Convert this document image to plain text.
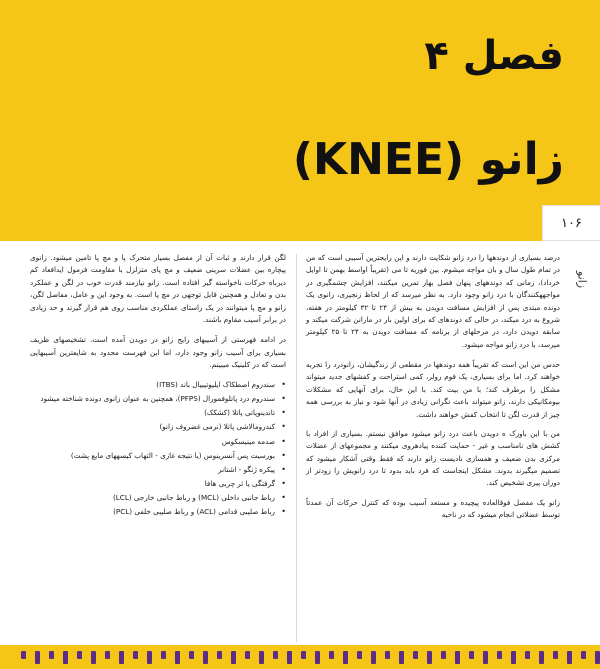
فصل ۴
زانو (KNEE)
۱۰۶
زانو

درصد بسیاری از دوندهها را درد زانو شکایت دارند و این رایجترین آسیبی است که من در تمام طول سال و بان مواجه میشوم. بین فوریه تا می (تقریباً اواسط بهمن تا اوایل خرداد)، زمانی که دوندههای پنهان فصل بهار تمرین میکنند، افزایش چشمگیری در مواجههکنندگان با درد زانو وجود دارد. به نظر میرسد که از لحاظ زنجیری، زانوی یک دونده مبتدی پس از افزایش مسافت دویدن به بیش از ۲۴ تا ۳۲ کیلومتر در هفته، شروع به درد میکند، در حالی که دوندهای که برای اولین بار در ماراتن شرکت میکند و سابقه دویدن دارد، در مرحلهای از برنامه که مسافت دویدن به ۲۴ تا ۲۵ کیلومتر میرسد، با درد زانو مواجه میشود.

حدس من این است که تقریباً همه دوندهها در مقطعی از زندگیشان، زانودرد را تجربه خواهند کرد. اما برای بسیاری، یک قوم رولر، کمی استراحت و کفشهای جدید میتواند مشکل را برطرف کند؛ با من بیت کند. با این حال، برای آنهایی که مشکلات بیومکانیکی دارند، زانو میتواند باعث نگرانی زیادی در آنها شود و نیاز به بررسی همه چیز از قدرت لگن تا انتخاب کفش خواهند داشت.

من با این باورک ه دویدن باعث درد زانو میشود موافق نیستم. بسیاری از افراد با کشش های نامناسب و غیر - حمایت کننده پیادهروی میکنند و مجموعهای از عضلات مرکزی بدن ضعیف و همسازی نادیست زانو دارند که فقط وقتی آشکار میشود که تصمیم میگیرند بدوند. مشکل اینجاست که فرد باید بدود تا درد زانویش را زودتر از دوران پیری تشخیص کند.

زانو یک مفصل فوقالعاده پیچیده و مستعد آسیب بوده که کنترل حرکات آن عمدتاً توسط عضلاتی انجام میشود که در ناحیه

لگن قرار دارند و ثبات آن از مفصل بسیار متحرک پا و مچ پا تامین میشود. زانوی پیچاره بین عضلات سرینی ضعیف و مچ پای متزلزل با مقاومت فرمول ایدافعاد کم دیرباه حرکات ناخواسته گیر افتاده است. زانو نیازمند قدرت خوب در لگن و عملکرد بدن و تعادل و همچنین قابل توجهی در مچ پا است. به وجود این و عامل، مفاصل لگن، زانو و مچ پا میتوانند در یک راستای عملکردی مناسب روی هم قرار گیرند و حد زیادی در برابر آسیب مقاوم باشند.

در ادامه فهرستی از آسیبهای رایج زانو در دویدن آمده است. تشخیصهای ظریف بسیاری برای آسیب زانو وجود دارد، اما این فهرست محدود به شایعترین آسیبهایی است که در کلینیک میبینم.

• سندروم اصطکاک ایلیوتیبیال باند (ITBS)
• سندروم درد پاتلوفمورال (PFPS)، همچنین به عنوان زانوی دونده شناخته میشود
• تاندینوپاتی پاتلا (کشکک)
• کندرومالاشی پاتلا (نرمی غضروف زانو)
• صدمه مینیسکوس
• بورسیت پس آنسرینوس (یا نتیجه غازی - التهاب کیسههای مایع پشت)
• پیکره ژنگو - اشتانر
• گرفتگی یا ئر چربی هافا
• رباط جانبی داخلی (MCL) و رباط جانبی خارجی (LCL)
• رباط صلیبی قدامی (ACL) و رباط صلیبی خلفی (PCL)
